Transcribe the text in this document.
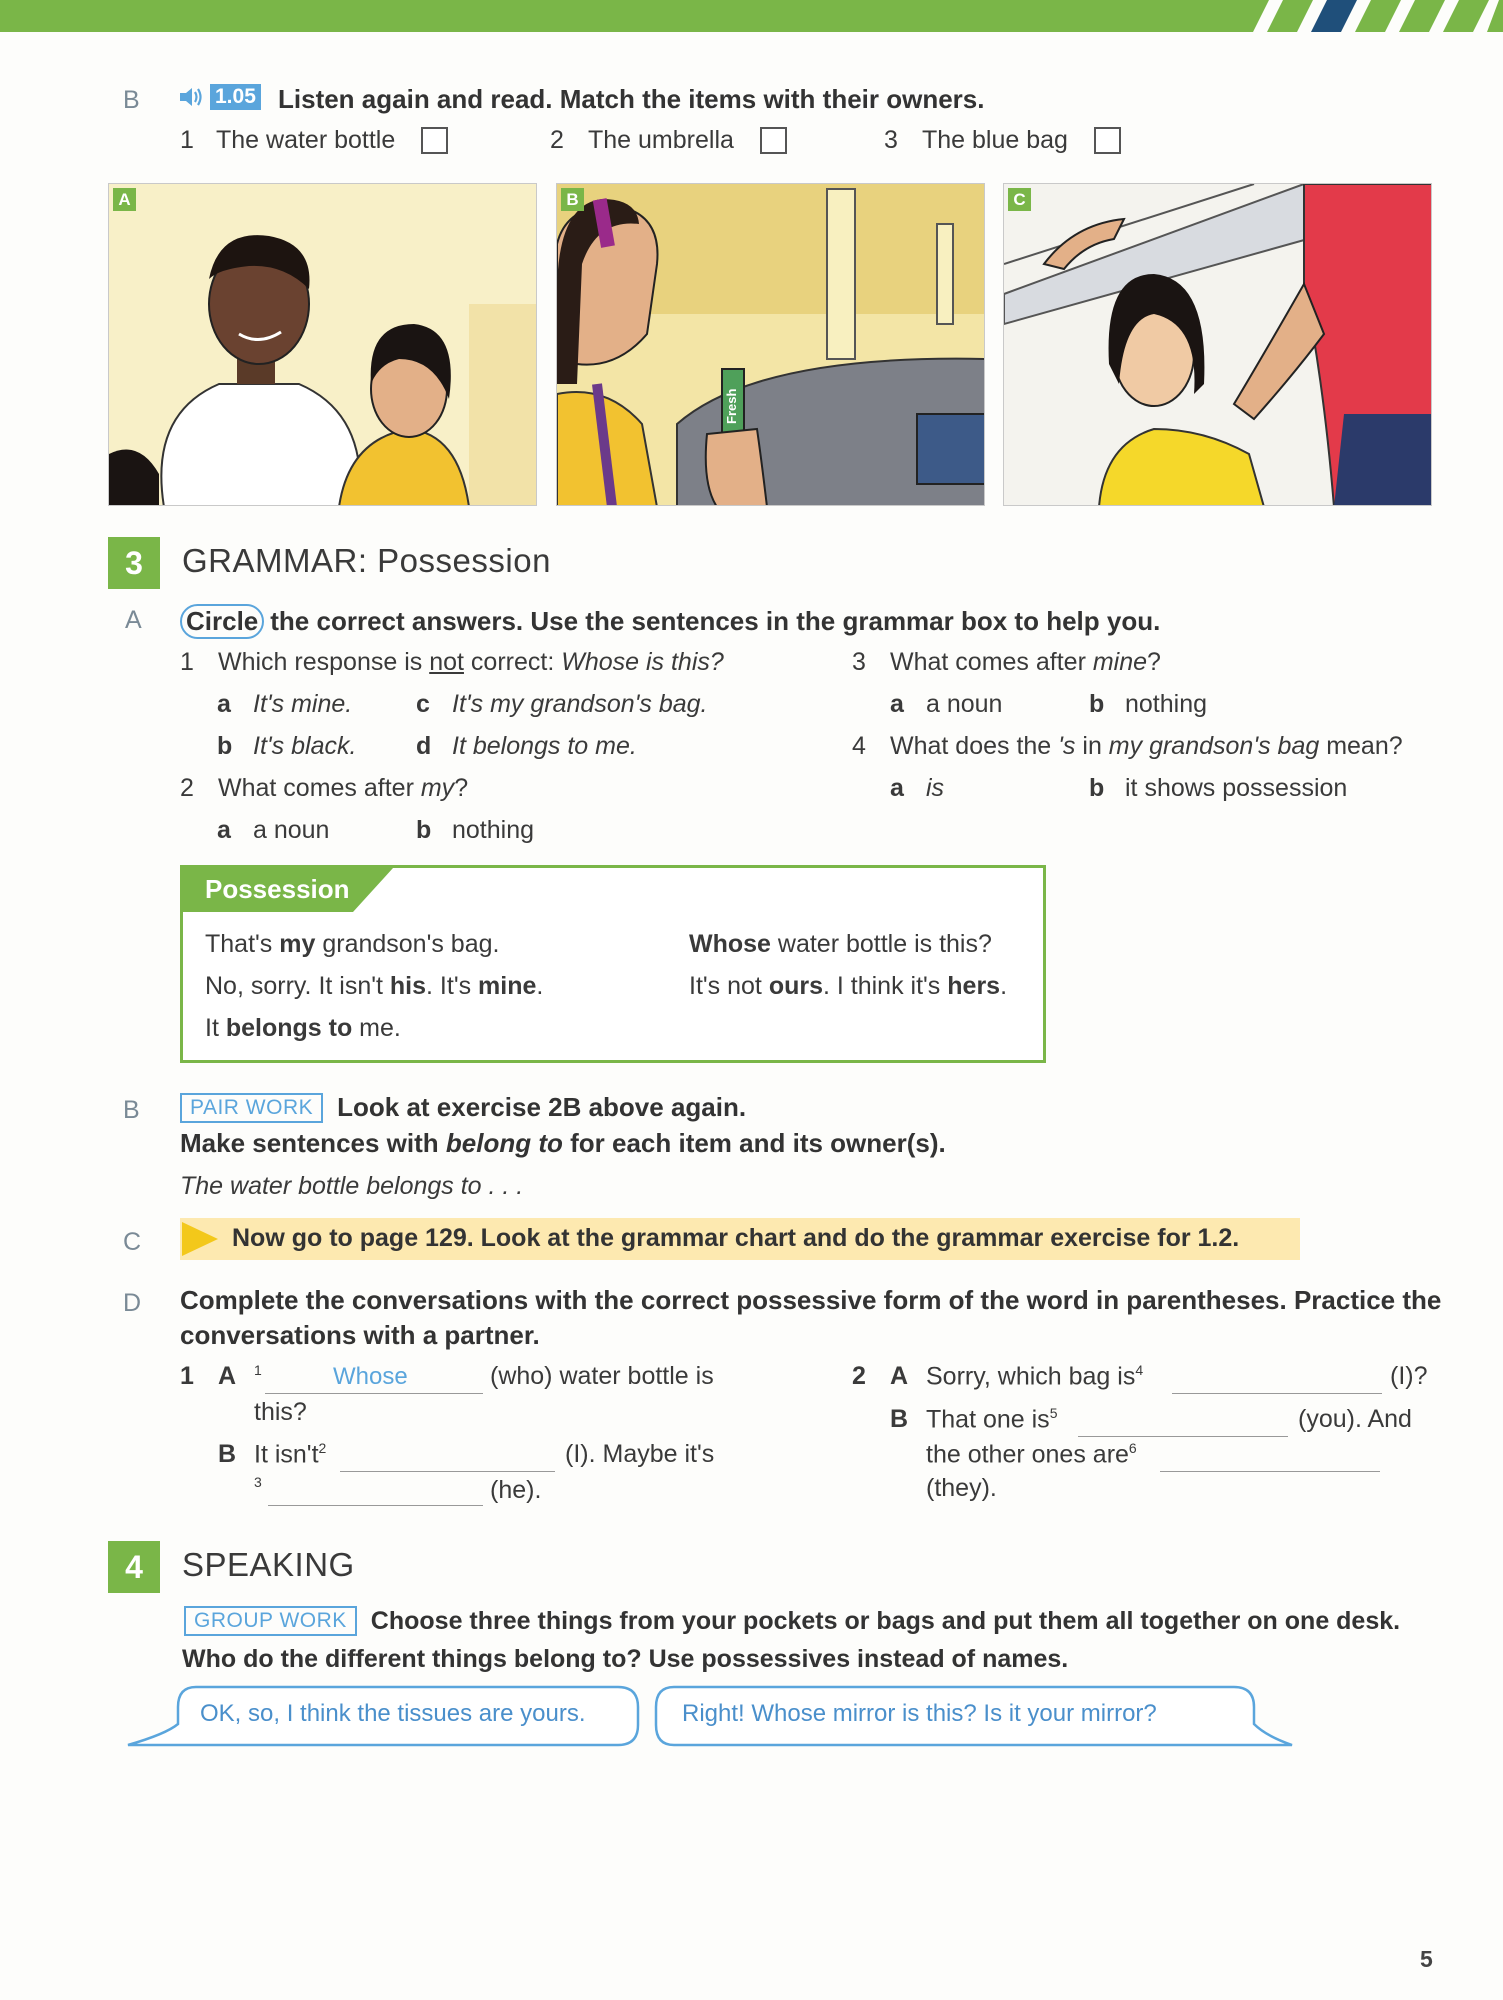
B	1.05 Listen again and read. Match the items with their owners.
1 The water bottle	2 The umbrella	3 The blue bag
A
Fresh
B	C
3	GRAMMAR: Possession
A Circle the correct answers. Use the sentences in the grammar box to help you.
1 Which response is not correct: Whose is this?
a It's mine.	c It's my grandson's bag.
b It's black. d It belongs to me.
2 What comes after my?
a a noun	b nothing
3 What comes after mine?
a a noun	b nothing
4 What does the 's in my grandson's bag mean?
a is	b it shows possession
Possession
That's my grandson's bag.
No, sorry. It isn't his. It's mine.
It belongs to me.
Whose water bottle is this?
It's not ours. I think it's hers.
B	PAIR WORK Look at exercise 2B above again.
Make sentences with belong to for each item and its owner(s).
The water bottle belongs to . . .
C	Now go to page 129. Look at the grammar chart and do the grammar exercise for 1.2.
D Complete the conversations with the correct possessive form of the word in parentheses. Practice the
conversations with a partner.
1 A $^1$	Whose	(who) water bottle is
this?
B It $isn't^2$	(I). Maybe it's
$^3$	(he).
2 A Sorry, which bag $is^4$	(I)?
B That one $is^5$	(you). And
the other ones are$^6$
(they).
4	SPEAKING
GROUP WORK Choose three things from your pockets or bags and put them all together on one desk.
Who do the different things belong to? Use possessives instead of names.
OK, so, I think the tissues are yours.	Right! Whose mirror is this? Is it your mirror?
5
